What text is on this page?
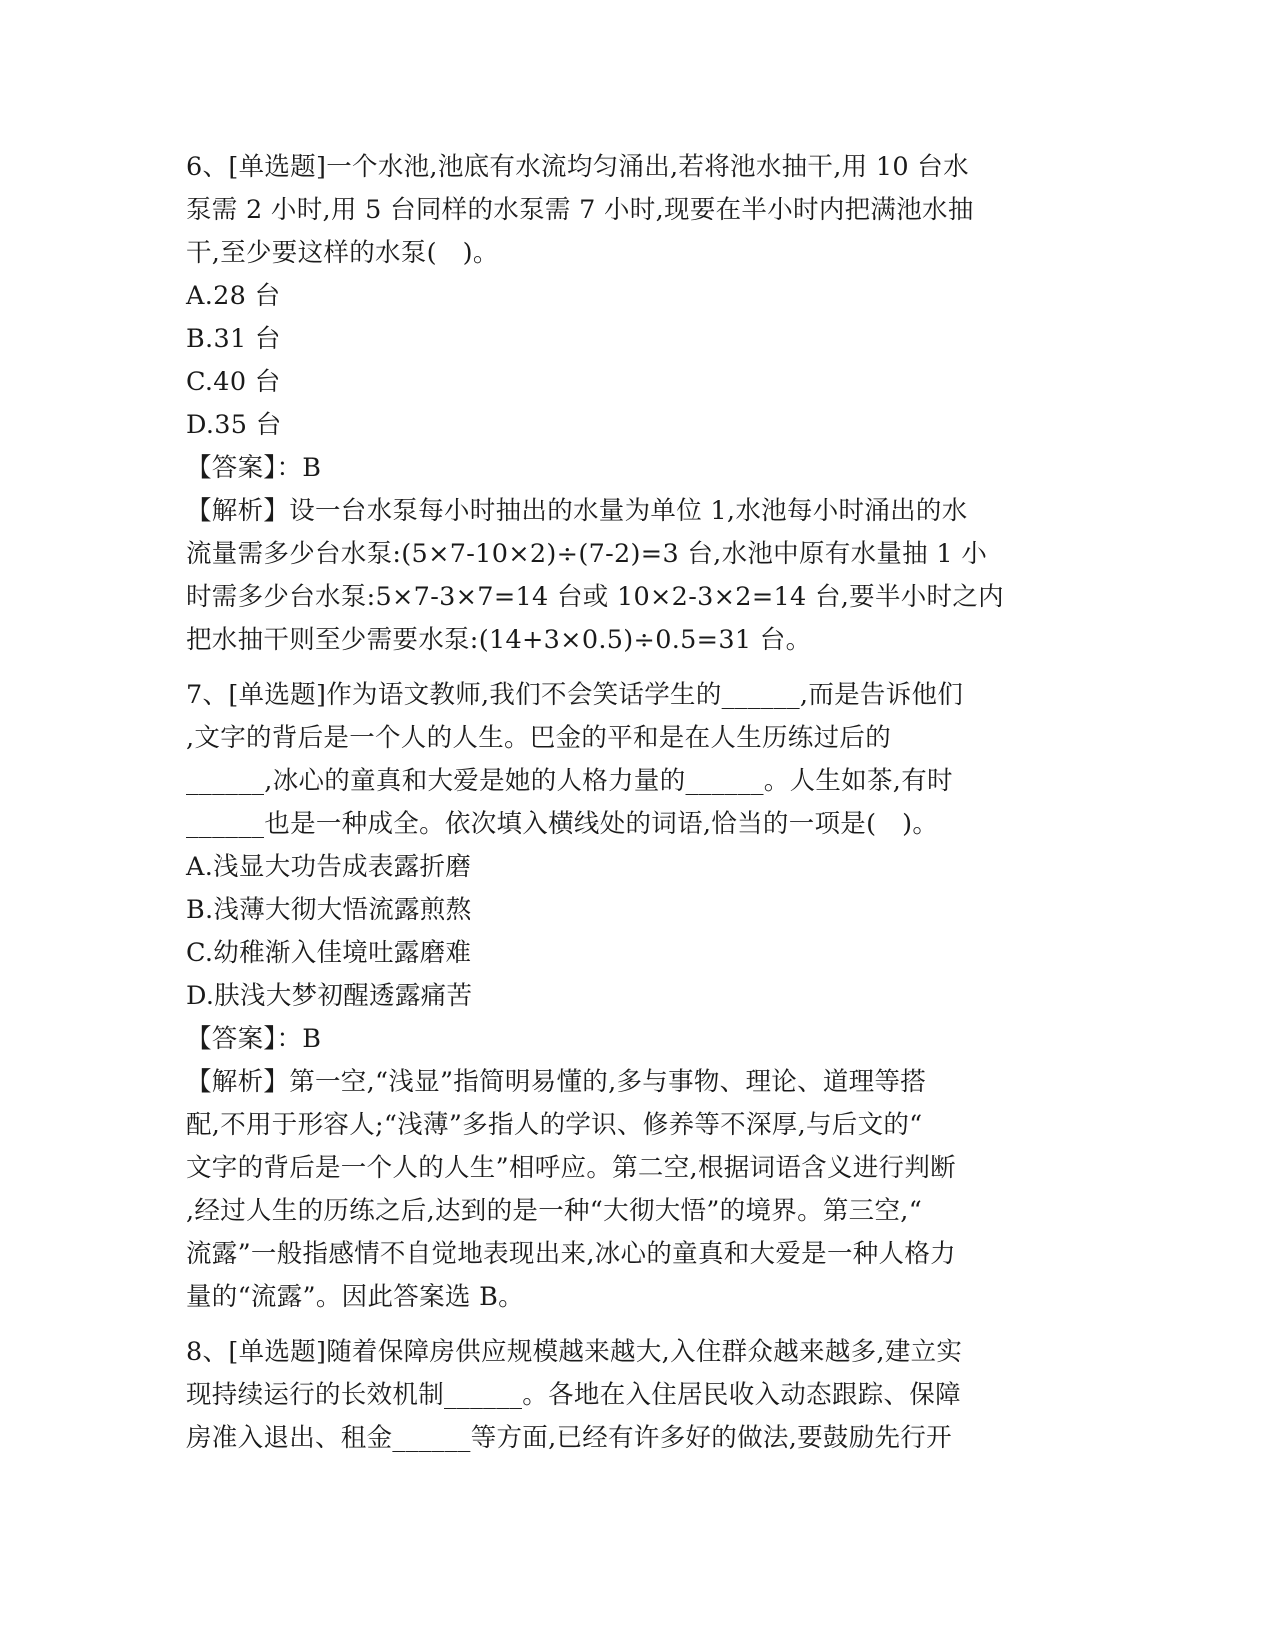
6、[单选题]一个水池,池底有水流均匀涌出,若将池水抽干,用 10 台水
泵需 2 小时,用 5 台同样的水泵需 7 小时,现要在半小时内把满池水抽
干,至少要这样的水泵(　)。
A.28 台
B.31 台
C.40 台
D.35 台
【答案】：B
【解析】设一台水泵每小时抽出的水量为单位 1,水池每小时涌出的水
流量需多少台水泵:(5×7-10×2)÷(7-2)=3 台,水池中原有水量抽 1 小
时需多少台水泵:5×7-3×7=14 台或 10×2-3×2=14 台,要半小时之内
把水抽干则至少需要水泵:(14+3×0.5)÷0.5=31 台。
7、[单选题]作为语文教师,我们不会笑话学生的______,而是告诉他们
,文字的背后是一个人的人生。巴金的平和是在人生历练过后的
______,冰心的童真和大爱是她的人格力量的______。人生如茶,有时
______也是一种成全。依次填入横线处的词语,恰当的一项是(　)。
A.浅显大功告成表露折磨
B.浅薄大彻大悟流露煎熬
C.幼稚渐入佳境吐露磨难
D.肤浅大梦初醒透露痛苦
【答案】：B
【解析】第一空,“浅显”指简明易懂的,多与事物、理论、道理等搭
配,不用于形容人;“浅薄”多指人的学识、修养等不深厚,与后文的“
文字的背后是一个人的人生”相呼应。第二空,根据词语含义进行判断
,经过人生的历练之后,达到的是一种“大彻大悟”的境界。第三空,“
流露”一般指感情不自觉地表现出来,冰心的童真和大爱是一种人格力
量的“流露”。因此答案选 B。
8、[单选题]随着保障房供应规模越来越大,入住群众越来越多,建立实
现持续运行的长效机制______。各地在入住居民收入动态跟踪、保障
房准入退出、租金______等方面,已经有许多好的做法,要鼓励先行开
